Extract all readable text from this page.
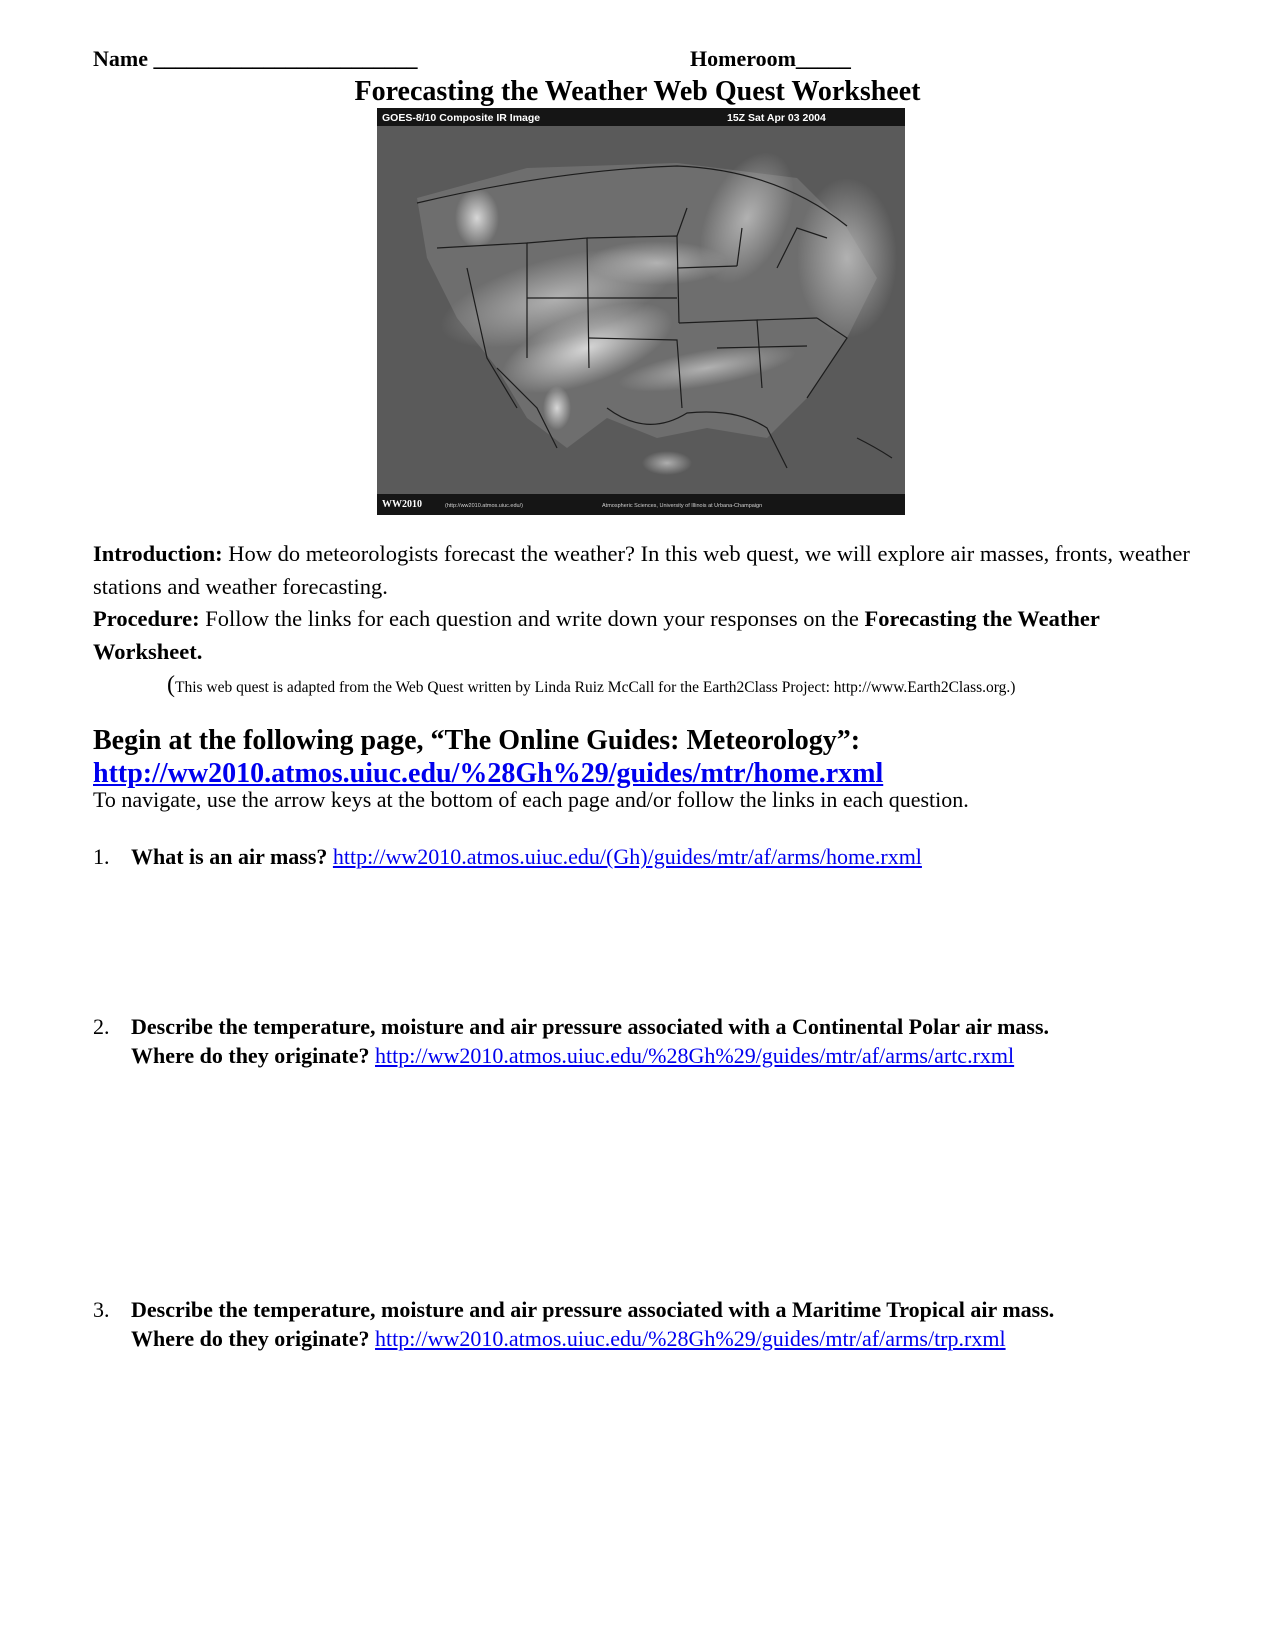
Name ________________________	Homeroom_____
Forecasting the Weather Web Quest Worksheet
GOES-8/10 Composite IR Image	15Z Sat Apr 03 2004
WW2010	(http://ww2010.atmos.uiuc.edu/)	Atmospheric Sciences, University of Illinois at Urbana-Champaign
Introduction: How do meteorologists forecast the weather? In this web quest, we will explore air masses, fronts, weather stations and weather forecasting.
Procedure: Follow the links for each question and write down your responses on the Forecasting the Weather Worksheet.
(This web quest is adapted from the Web Quest written by Linda Ruiz McCall for the Earth2Class Project: http://www.Earth2Class.org.)
Begin at the following page, “The Online Guides: Meteorology”:
http://ww2010.atmos.uiuc.edu/%28Gh%29/guides/mtr/home.rxml
To navigate, use the arrow keys at the bottom of each page and/or follow the links in each question.
1. What is an air mass? http://ww2010.atmos.uiuc.edu/(Gh)/guides/mtr/af/arms/home.rxml
2. Describe the temperature, moisture and air pressure associated with a Continental Polar air mass.
Where do they originate? http://ww2010.atmos.uiuc.edu/%28Gh%29/guides/mtr/af/arms/artc.rxml
3. Describe the temperature, moisture and air pressure associated with a Maritime Tropical air mass.
Where do they originate? http://ww2010.atmos.uiuc.edu/%28Gh%29/guides/mtr/af/arms/trp.rxml
